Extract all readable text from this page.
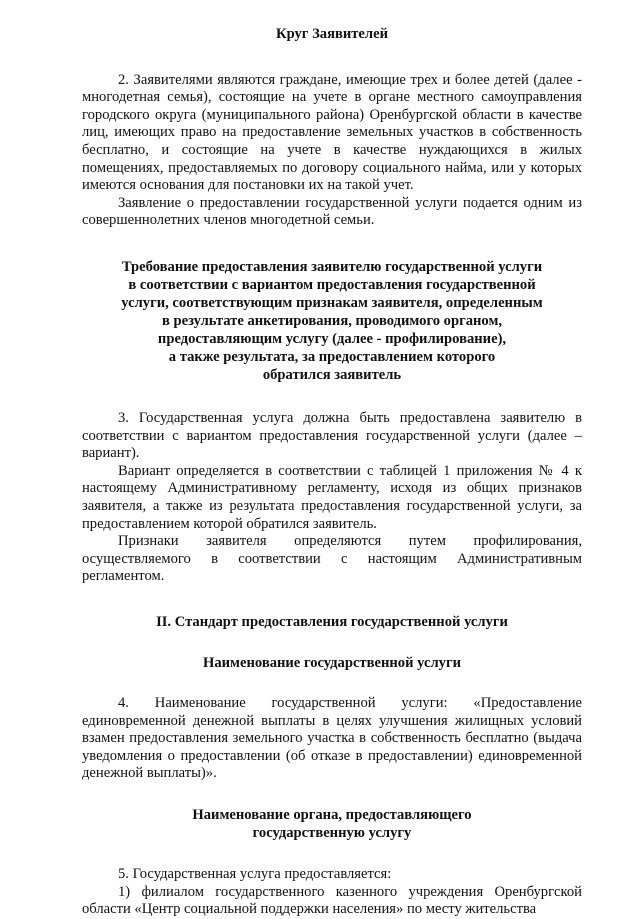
Круг Заявителей

2. Заявителями являются граждане, имеющие трех и более детей (далее - многодетная семья), состоящие на учете в органе местного самоуправления городского округа (муниципального района) Оренбургской области в качестве лиц, имеющих право на предоставление земельных участков в собственность бесплатно, и состоящие на учете в качестве нуждающихся в жилых помещениях, предоставляемых по договору социального найма, или у которых имеются основания для постановки их на такой учет.

Заявление о предоставлении государственной услуги подается одним из совершеннолетних членов многодетной семьи.

Требование предоставления заявителю государственной услуги
в соответствии с вариантом предоставления государственной
услуги, соответствующим признакам заявителя, определенным
в результате анкетирования, проводимого органом,
предоставляющим услугу (далее - профилирование),
а также результата, за предоставлением которого
обратился заявитель

3. Государственная услуга должна быть предоставлена заявителю в соответствии с вариантом предоставления государственной услуги (далее – вариант).

Вариант определяется в соответствии с таблицей 1 приложения № 4 к настоящему Административному регламенту, исходя из общих признаков заявителя, а также из результата предоставления государственной услуги, за предоставлением которой обратился заявитель.

Признаки заявителя определяются путем профилирования, осуществляемого в соответствии с настоящим Административным регламентом.

II. Стандарт предоставления государственной услуги
Наименование государственной услуги

4. Наименование государственной услуги: «Предоставление единовременной денежной выплаты в целях улучшения жилищных условий взамен предоставления земельного участка в собственность бесплатно (выдача уведомления о предоставлении (об отказе в предоставлении) единовременной денежной выплаты)».

Наименование органа, предоставляющего
государственную услугу

5. Государственная услуга предоставляется:

1) филиалом государственного казенного учреждения Оренбургской области «Центр социальной поддержки населения» по месту жительства
